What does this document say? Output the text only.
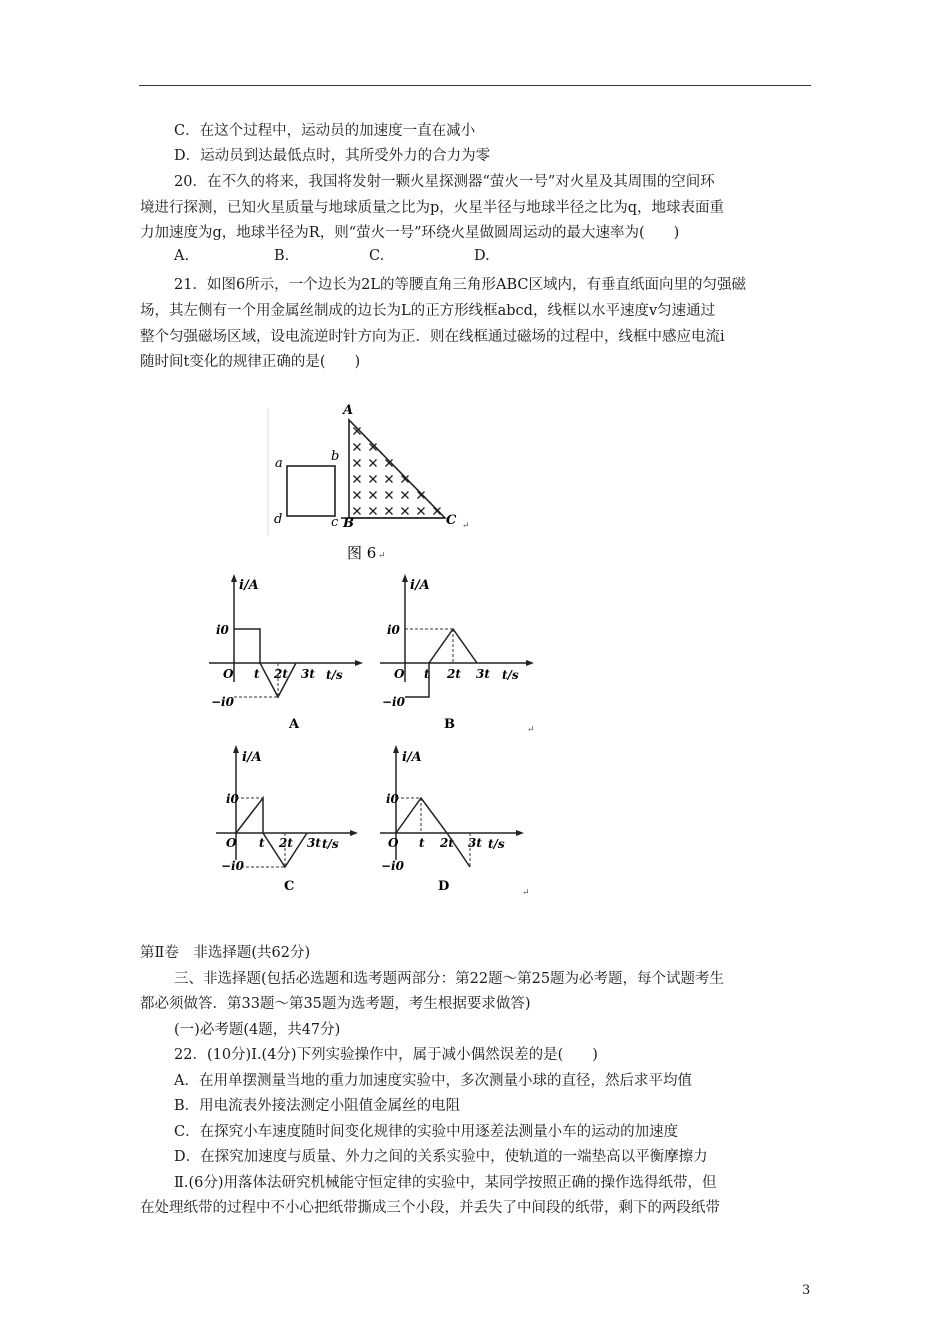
C．在这个过程中，运动员的加速度一直在减小
D．运动员到达最低点时，其所受外力的合力为零
20．在不久的将来，我国将发射一颗火星探测器“萤火一号”对火星及其周围的空间环
境进行探测，已知火星质量与地球质量之比为p，火星半径与地球半径之比为q，地球表面重
力加速度为g，地球半径为R，则“萤火一号”环绕火星做圆周运动的最大速率为(　　)
A.	B.	C.	D.
21．如图6所示，一个边长为2L的等腰直角三角形ABC区域内，有垂直纸面向里的匀强磁
场，其左侧有一个用金属丝制成的边长为L的正方形线框abcd，线框以水平速度v匀速通过
整个匀强磁场区域，设电流逆时针方向为正．则在线框通过磁场的过程中，线框中感应电流i
随时间t变化的规律正确的是(　　)
a	b
c
d
A
B	C ↵
图 6 ↵
i/A
t/s
O t 2t 3t
i0
−i0
A
i/A
t/s
O t 2t 3t
i0
−i0
B	↵
i/A
t/s
O t 2t 3t
i0
−i0
C
i/A
t/s
O t 2t 3t
i0
−i0
D	↵
第Ⅱ卷　非选择题(共62分)
三、非选择题(包括必选题和选考题两部分：第22题～第25题为必考题，每个试题考生
都必须做答．第33题～第35题为选考题，考生根据要求做答)
(一)必考题(4题，共47分)
22．(10分)Ⅰ.(4分)下列实验操作中，属于减小偶然误差的是(　　)
A．在用单摆测量当地的重力加速度实验中，多次测量小球的直径，然后求平均值
B．用电流表外接法测定小阻值金属丝的电阻
C．在探究小车速度随时间变化规律的实验中用逐差法测量小车的运动的加速度
D．在探究加速度与质量、外力之间的关系实验中，使轨道的一端垫高以平衡摩擦力
Ⅱ.(6分)用落体法研究机械能守恒定律的实验中，某同学按照正确的操作选得纸带，但
在处理纸带的过程中不小心把纸带撕成三个小段，并丢失了中间段的纸带，剩下的两段纸带
3
